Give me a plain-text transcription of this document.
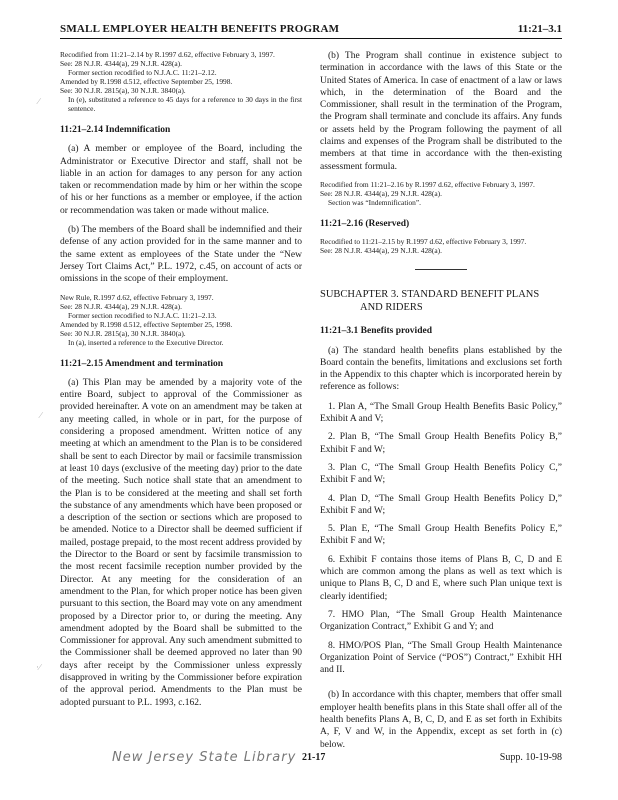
SMALL EMPLOYER HEALTH BENEFITS PROGRAM	11:21–3.1

Recodified from 11:21–2.14 by R.1997 d.62, effective February 3, 1997.

See: 28 N.J.R. 4344(a), 29 N.J.R. 428(a).

Former section recodified to N.J.A.C. 11:21–2.12.

Amended by R.1998 d.512, effective September 25, 1998.

See: 30 N.J.R. 2815(a), 30 N.J.R. 3840(a).

In (e), substituted a reference to 45 days for a reference to 30 days in the first sentence.

11:21–2.14 Indemnification

(a) A member or employee of the Board, including the Administrator or Executive Director and staff, shall not be liable in an action for damages to any person for any action taken or recommendation made by him or her within the scope of his or her functions as a member or employee, if the action or recommendation was taken or made without malice.

(b) The members of the Board shall be indemnified and their defense of any action provided for in the same manner and to the same extent as employees of the State under the “New Jersey Tort Claims Act,” P.L. 1972, c.45, on account of acts or omissions in the scope of their employment.

New Rule, R.1997 d.62, effective February 3, 1997.

See: 28 N.J.R. 4344(a), 29 N.J.R. 428(a).

Former section recodified to N.J.A.C. 11:21–2.13.

Amended by R.1998 d.512, effective September 25, 1998.

See: 30 N.J.R. 2815(a), 30 N.J.R. 3840(a).

In (a), inserted a reference to the Executive Director.

11:21–2.15 Amendment and termination

(a) This Plan may be amended by a majority vote of the entire Board, subject to approval of the Commissioner as provided hereinafter. A vote on an amendment may be taken at any meeting called, in whole or in part, for the purpose of considering a proposed amendment. Written notice of any meeting at which an amendment to the Plan is to be considered shall be sent to each Director by mail or facsimile transmission at least 10 days (exclusive of the meeting day) prior to the date of the meeting. Such notice shall state that an amendment to the Plan is to be considered at the meeting and shall set forth the substance of any amendments which have been proposed or a description of the section or sections which are proposed to be amended. Notice to a Director shall be deemed sufficient if mailed, postage prepaid, to the most recent address provided by the Director to the Board or sent by facsimile transmission to the most recent facsimile reception number provided by the Director. At any meeting for the consideration of an amendment to the Plan, for which proper notice has been given pursuant to this section, the Board may vote on any amendment proposed by a Director prior to, or during the meeting. Any amendment adopted by the Board shall be submitted to the Commissioner for approval. Any such amendment submitted to the Commissioner shall be deemed approved no later than 90 days after receipt by the Commissioner unless expressly disapproved in writing by the Commissioner before expiration of the approval period. Amendments to the Plan must be adopted pursuant to P.L. 1993, c.162.

(b) The Program shall continue in existence subject to termination in accordance with the laws of this State or the United States of America. In case of enactment of a law or laws which, in the determination of the Board and the Commissioner, shall result in the termination of the Program, the Program shall terminate and conclude its affairs. Any funds or assets held by the Program following the payment of all claims and expenses of the Program shall be distributed to the members at that time in accordance with the then-existing assessment formula.

Recodified from 11:21–2.16 by R.1997 d.62, effective February 3, 1997.

See: 28 N.J.R. 4344(a), 29 N.J.R. 428(a).

Section was “Indemnification”.

11:21–2.16 (Reserved)

Recodified to 11:21–2.15 by R.1997 d.62, effective February 3, 1997.

See: 28 N.J.R. 4344(a), 29 N.J.R. 428(a).

SUBCHAPTER 3. STANDARD BENEFIT PLANS
AND RIDERS

11:21–3.1 Benefits provided

(a) The standard health benefits plans established by the Board contain the benefits, limitations and exclusions set forth in the Appendix to this chapter which is incorporated herein by reference as follows:

1. Plan A, “The Small Group Health Benefits Basic Policy,” Exhibit A and V;

2. Plan B, “The Small Group Health Benefits Policy B,” Exhibit F and W;

3. Plan C, “The Small Group Health Benefits Policy C,” Exhibit F and W;

4. Plan D, “The Small Group Health Benefits Policy D,” Exhibit F and W;

5. Plan E, “The Small Group Health Benefits Policy E,” Exhibit F and W;

6. Exhibit F contains those items of Plans B, C, D and E which are common among the plans as well as text which is unique to Plans B, C, D and E, where such Plan unique text is clearly identified;

7. HMO Plan, “The Small Group Health Maintenance Organization Contract,” Exhibit G and Y; and

8. HMO/POS Plan, “The Small Group Health Maintenance Organization Point of Service (“POS”) Contract,” Exhibit HH and II.

(b) In accordance with this chapter, members that offer small employer health benefits plans in this State shall offer all of the health benefits Plans A, B, C, D, and E as set forth in Exhibits A, F, V and W, in the Appendix, except as set forth in (c) below.

∕
∕
·∕
New Jersey State Library 21-17	Supp. 10-19-98
